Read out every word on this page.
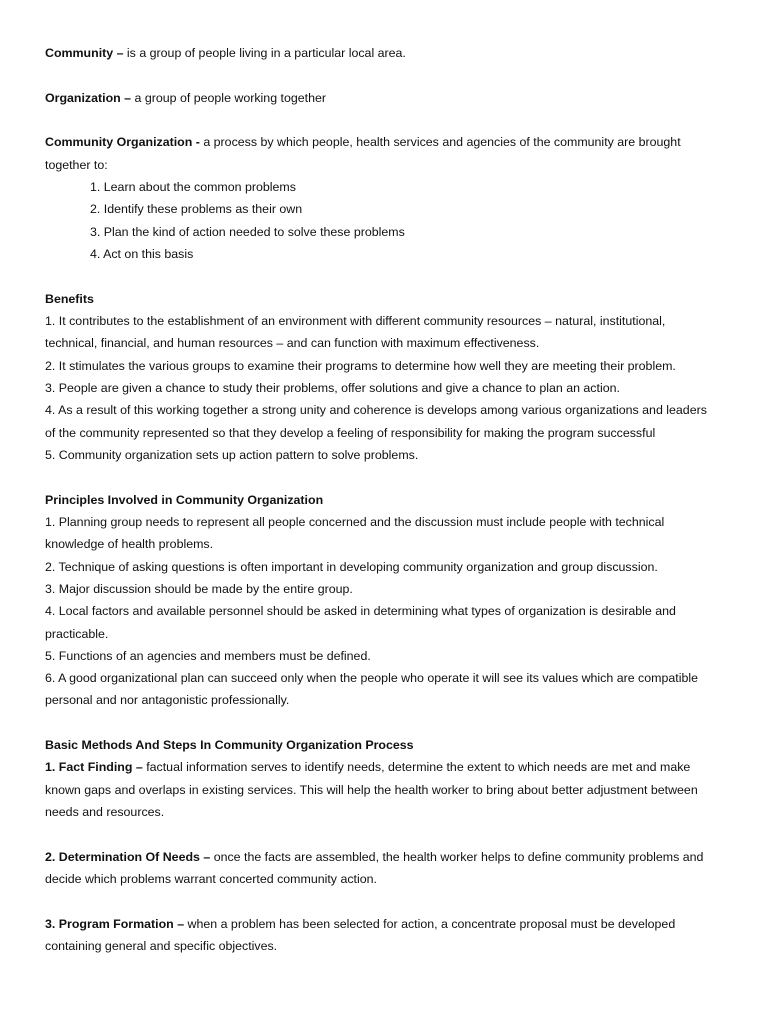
Community – is a group of people living in a particular local area.
Organization – a group of people working together
Community Organization - a process by which people, health services and agencies of the community are brought
together to:
1. Learn about the common problems
2. Identify these problems as their own
3. Plan the kind of action needed to solve these problems
4. Act on this basis
Benefits
1. It contributes to the establishment of an environment with different community resources – natural, institutional,
technical, financial, and human resources – and can function with maximum effectiveness.
2. It stimulates the various groups to examine their programs to determine how well they are meeting their problem.
3. People are given a chance to study their problems, offer solutions and give a chance to plan an action.
4. As a result of this working together a strong unity and coherence is develops among various organizations and leaders
of the community represented so that they develop a feeling of responsibility for making the program successful
5. Community organization sets up action pattern to solve problems.
Principles Involved in Community Organization
1. Planning group needs to represent all people concerned and the discussion must include people with technical
knowledge of health problems.
2. Technique of asking questions is often important in developing community organization and group discussion.
3. Major discussion should be made by the entire group.
4. Local factors and available personnel should be asked in determining what types of organization is desirable and
practicable.
5. Functions of an agencies and members must be defined.
6. A good organizational plan can succeed only when the people who operate it will see its values which are compatible
personal and nor antagonistic professionally.
Basic Methods And Steps In Community Organization Process
1. Fact Finding – factual information serves to identify needs, determine the extent to which needs are met and make
known gaps and overlaps in existing services. This will help the health worker to bring about better adjustment between
needs and resources.
2. Determination Of Needs – once the facts are assembled, the health worker helps to define community problems and
decide which problems warrant concerted community action.
3. Program Formation – when a problem has been selected for action, a concentrate proposal must be developed
containing general and specific objectives.
